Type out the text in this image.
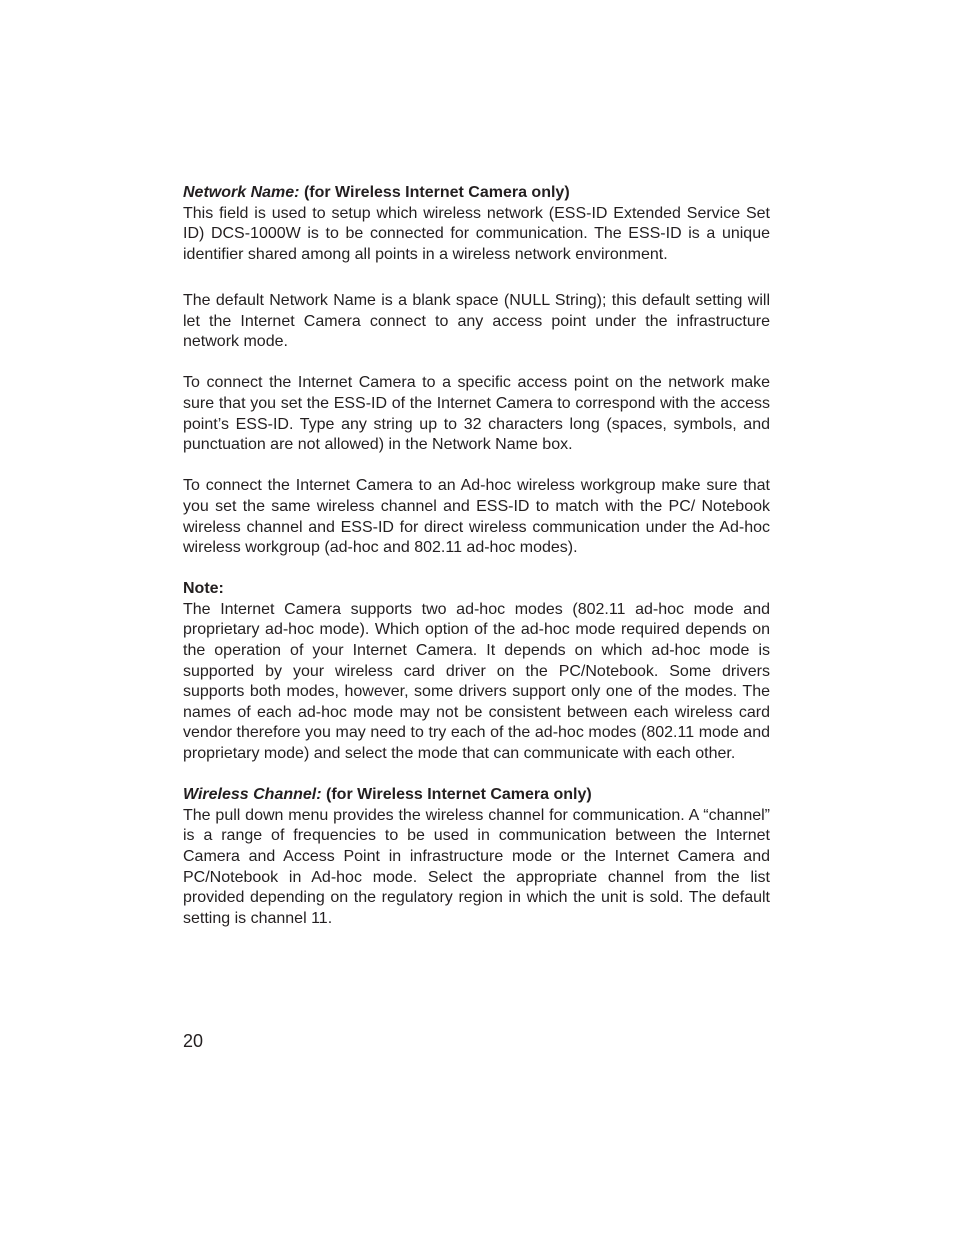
Network Name: (for Wireless Internet Camera only)

This field is used to setup which wireless network (ESS-ID Extended Service Set ID) DCS-1000W is to be connected for communication. The ESS-ID is a unique identifier shared among all points in a wireless network environment.

The default Network Name is a blank space (NULL String); this default setting will let the Internet Camera connect to any access point under the infrastructure network mode.

To connect the Internet Camera to a specific access point on the network make sure that you set the ESS-ID of the Internet Camera to correspond with the access point’s ESS-ID. Type any string up to 32 characters long (spaces, symbols, and punctuation are not allowed) in the Network Name box.

To connect the Internet Camera to an Ad-hoc wireless workgroup make sure that you set the same wireless channel and ESS-ID to match with the PC/ Notebook wireless channel and ESS-ID for direct wireless communication under the Ad-hoc wireless workgroup (ad-hoc and 802.11 ad-hoc modes).

Note:

The Internet Camera supports two ad-hoc modes (802.11 ad-hoc mode and proprietary ad-hoc mode). Which option of the ad-hoc mode required depends on the operation of your Internet Camera. It depends on which ad-hoc mode is supported by your wireless card driver on the PC/Notebook. Some drivers supports both modes, however, some drivers support only one of the modes. The names of each ad-hoc mode may not be consistent between each wireless card vendor therefore you may need to try each of the ad-hoc modes (802.11 mode and proprietary mode) and select the mode that can communicate with each other.

Wireless Channel: (for Wireless Internet Camera only)

The pull down menu provides the wireless channel for communication. A “channel” is a range of frequencies to be used in communication between the Internet Camera and Access Point in infrastructure mode or the Internet Camera and PC/Notebook in Ad-hoc mode. Select the appropriate channel from the list provided depending on the regulatory region in which the unit is sold. The default setting is channel 11.

20
